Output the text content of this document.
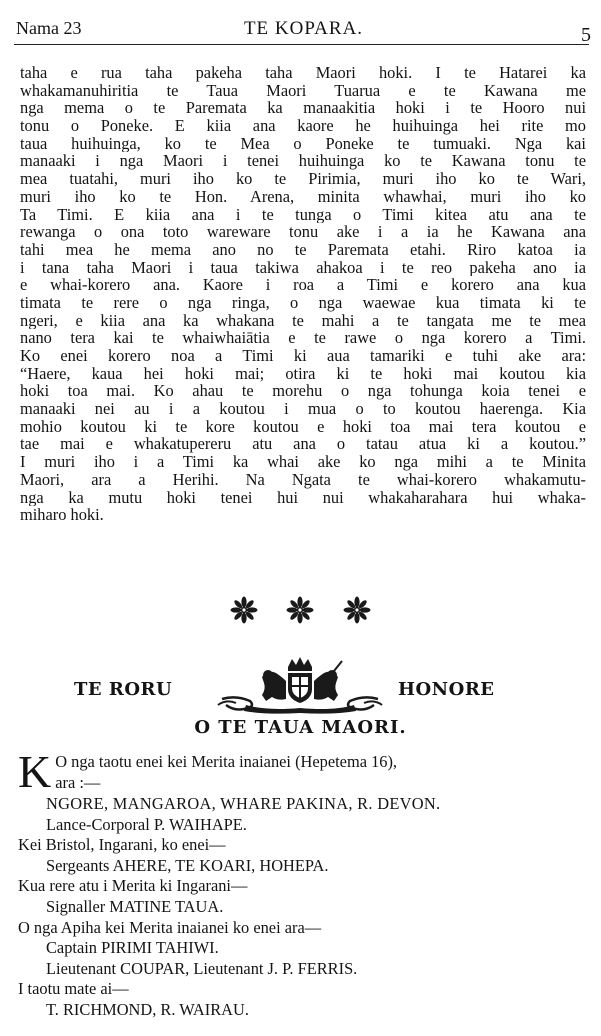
Nama 23	TE KOPARA.	5
taha e rua taha pakeha taha Maori hoki. I te Hatarei ka
whakamanuhiritia te Taua Maori Tuarua e te Kawana me
nga mema o te Paremata ka manaakitia hoki i te Hooro nui
tonu o Poneke. E kiia ana kaore he huihuinga hei rite mo
taua huihuinga, ko te Mea o Poneke te tumuaki. Nga kai
manaaki i nga Maori i tenei huihuinga ko te Kawana tonu te
mea tuatahi, muri iho ko te Pirimia, muri iho ko te Wari,
muri iho ko te Hon. Arena, minita whawhai, muri iho ko
Ta Timi. E kiia ana i te tunga o Timi kitea atu ana te
rewanga o ona toto wareware tonu ake i a ia he Kawana ana
tahi mea he mema ano no te Paremata etahi. Riro katoa ia
i tana taha Maori i taua takiwa ahakoa i te reo pakeha ano ia
e whai-korero ana. Kaore i roa a Timi e korero ana kua
timata te rere o nga ringa, o nga waewae kua timata ki te
ngeri, e kiia ana ka whakana te mahi a te tangata me te mea
nano tera kai te whaiwhaiātia e te rawe o nga korero a Timi.
Ko enei korero noa a Timi ki aua tamariki e tuhi ake ara:
“Haere, kaua hei hoki mai; otira ki te hoki mai koutou kia
hoki toa mai. Ko ahau te morehu o nga tohunga koia tenei e
manaaki nei au i a koutou i mua o to koutou haerenga. Kia
mohio koutou ki te kore koutou e hoki toa mai tera koutou e
tae mai e whakatupereru atu ana o tatau atua ki a koutou.”
I muri iho i a Timi ka whai ake ko nga mihi a te Minita
Maori, ara a Herihi. Na Ngata te whai-korero whakamutu-
nga ka mutu hoki tenei hui nui whakaharahara hui whaka-
miharo hoki.
TE RORU	HONORE
O TE TAUA MAORI.
K O nga taotu enei kei Merita inaianei (Hepetema 16),
ara :—
NGORE, MANGAROA, WHARE PAKINA, R. DEVON.
Lance-Corporal P. WAIHAPE.
Kei Bristol, Ingarani, ko enei—
Sergeants AHERE, TE KOARI, HOHEPA.
Kua rere atu i Merita ki Ingarani—
Signaller MATINE TAUA.
O nga Apiha kei Merita inaianei ko enei ara—
Captain PIRIMI TAHIWI.
Lieutenant COUPAR, Lieutenant J. P. FERRIS.
I taotu mate ai—
T. RICHMOND, R. WAIRAU.
